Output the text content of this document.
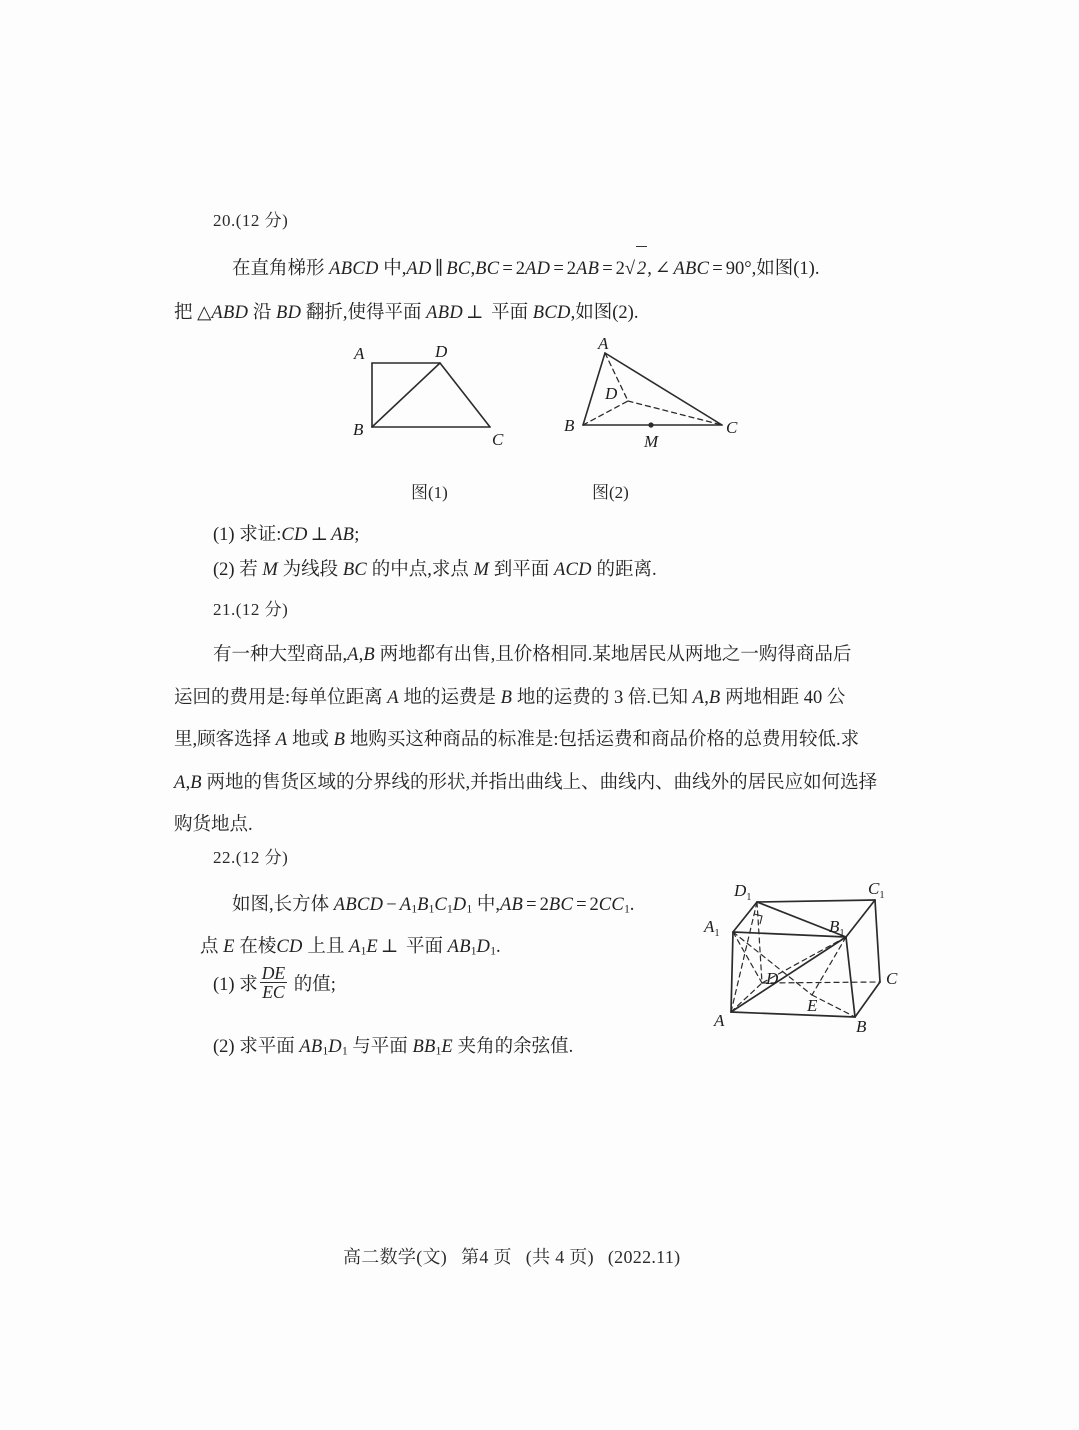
20.(12 分)
在直角梯形 ABCD 中,AD ∥ BC,BC = 2AD = 2AB = 2√ 2, ∠ ABC = 90°,如图(1).
把 △ABD 沿 BD 翻折,使得平面 ABD ⊥ 平面 BCD,如图(2).
A	D
B
C
A
D
B	C
M
图(1)	图(2)
(1) 求证:CD ⊥ AB;
(2) 若 M 为线段 BC 的中点,求点 M 到平面 ACD 的距离.
21.(12 分)
有一种大型商品,A,B 两地都有出售,且价格相同.某地居民从两地之一购得商品后
运回的费用是:每单位距离 A 地的运费是 B 地的运费的 3 倍.已知 A,B 两地相距 40 公
里,顾客选择 A 地或 B 地购买这种商品的标准是:包括运费和商品价格的总费用较低.求
A,B 两地的售货区域的分界线的形状,并指出曲线上、曲线内、曲线外的居民应如何选择
购货地点.
22.(12 分)
如图,长方体 ABCD − $A_1B_1C_1D_1$ 中$,AB = 2BC = 2CC_1$.
点 E 在棱CD 上且 $A_1E$ ⊥ 平面 $AB_1D_1$.
(1) 求 $\frac{DE}{EC}$ 的值;
(2) 求平面 $AB_1D_1$ 与平面 $BB_1E$ 夹角的余弦值.
$D_1$	$C_1$
$A_1$	$B_1$
D	C
A	B
E
高二数学(文) 第4 页 (共 4 页) (2022.11)
